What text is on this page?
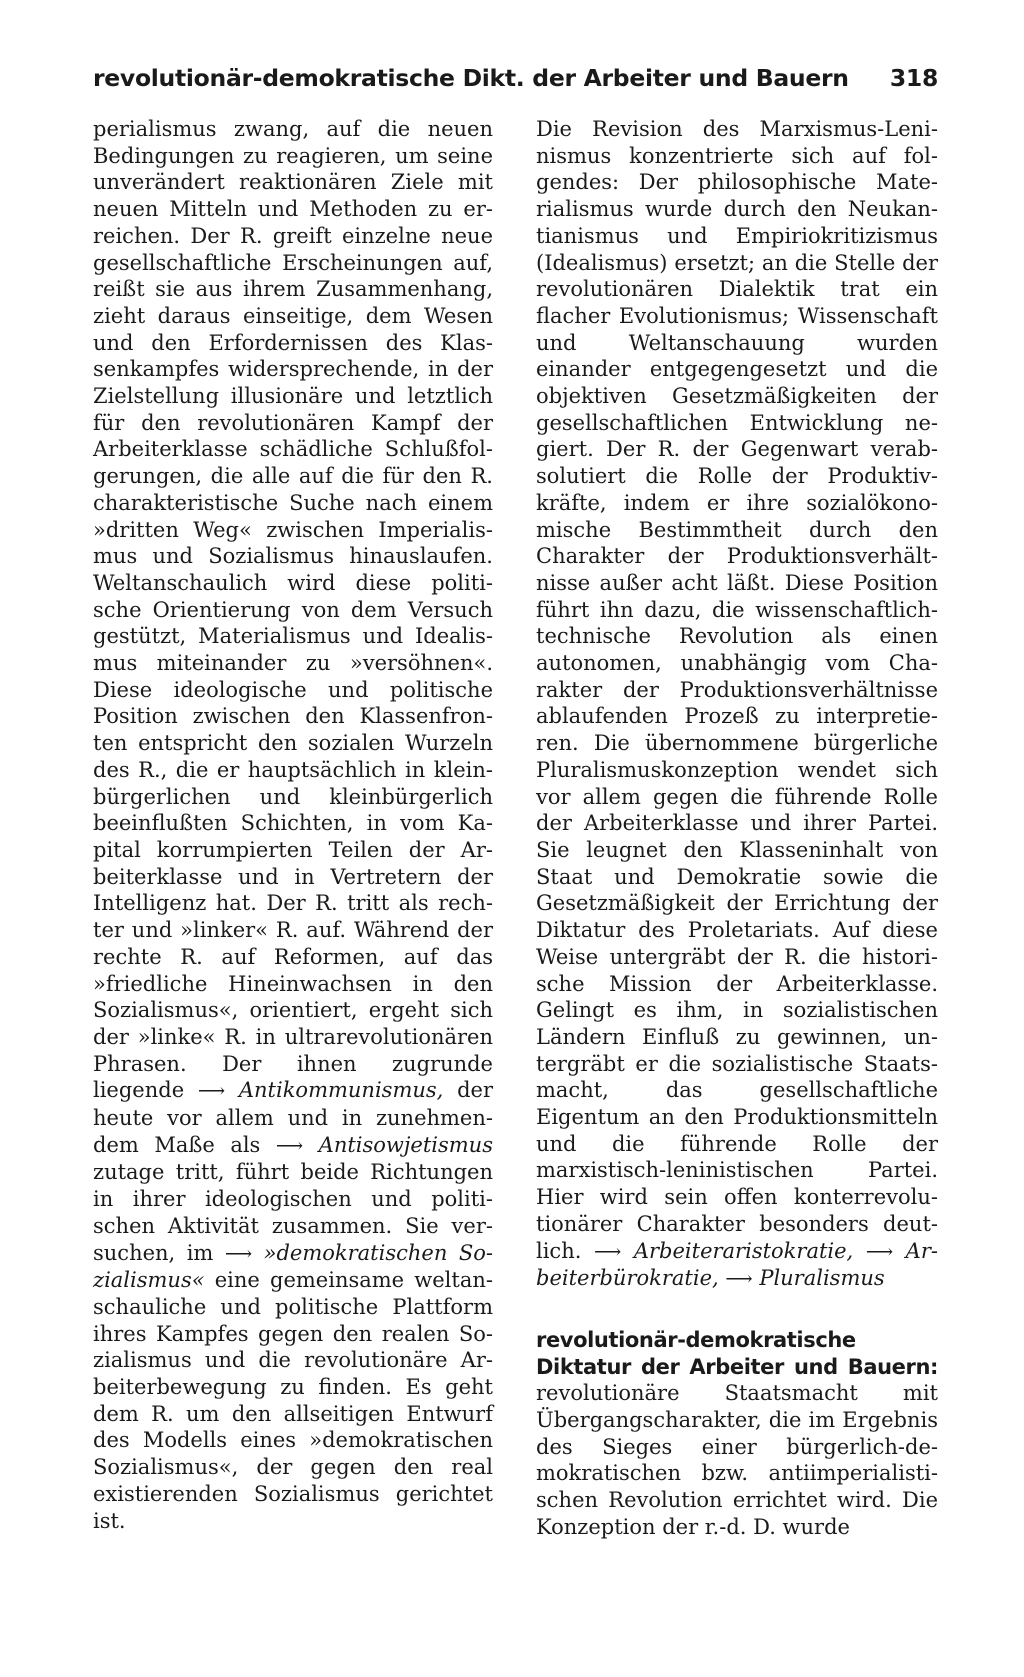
revolutionär-demokratische Dikt. der Arbeiter und Bauern 318

perialismus zwang, auf die neuen Bedingungen zu reagieren, um seine unverändert reaktionären Ziele mit neuen Mitteln und Methoden zu erreichen. Der R. greift einzelne neue gesellschaftliche Erscheinungen auf, reißt sie aus ihrem Zusammenhang, zieht daraus einseitige, dem Wesen und den Erfordernissen des Klassenkampfes widersprechende, in der Zielstellung illusionäre und letztlich für den revolutionären Kampf der Arbeiterklasse schädliche Schlußfolgerungen, die alle auf die für den R. charakteristische Suche nach einem »dritten Weg« zwischen Imperialismus und Sozialismus hinauslaufen. Weltanschaulich wird diese politische Orientierung von dem Versuch gestützt, Materialismus und Idealismus miteinander zu »versöhnen«. Diese ideologische und politische Position zwischen den Klassenfronten entspricht den sozialen Wurzeln des R., die er hauptsächlich in kleinbürgerlichen und kleinbürgerlich beeinflußten Schichten, in vom Kapital korrumpierten Teilen der Arbeiterklasse und in Vertretern der Intelligenz hat. Der R. tritt als rechter und »linker« R. auf. Während der rechte R. auf Reformen, auf das »friedliche Hineinwachsen in den Sozialismus«, orientiert, ergeht sich der »linke« R. in ultrarevolutionären Phrasen. Der ihnen zugrunde liegende ⟶ Antikommunismus, der heute vor allem und in zunehmendem Maße als ⟶ Antisowjetismus zutage tritt, führt beide Richtungen in ihrer ideologischen und politischen Aktivität zusammen. Sie versuchen, im ⟶ »demokratischen Sozialismus« eine gemeinsame weltanschauliche und politische Plattform ihres Kampfes gegen den realen Sozialismus und die revolutionäre Arbeiterbewegung zu finden. Es geht dem R. um den allseitigen Entwurf des Modells eines »demokratischen Sozialismus«, der gegen den real existierenden Sozialismus gerichtet ist.

Die Revision des Marxismus-Leninismus konzentrierte sich auf folgendes: Der philosophische Materialismus wurde durch den Neukantianismus und Empiriokritizismus (Idealismus) ersetzt; an die Stelle der revolutionären Dialektik trat ein flacher Evolutionismus; Wissenschaft und Weltanschauung wurden einander entgegengesetzt und die objektiven Gesetzmäßigkeiten der gesellschaftlichen Entwicklung negiert. Der R. der Gegenwart verabsolutiert die Rolle der Produktivkräfte, indem er ihre sozialökonomische Bestimmtheit durch den Charakter der Produktionsverhältnisse außer acht läßt. Diese Position führt ihn dazu, die wissenschaftlich-technische Revolution als einen autonomen, unabhängig vom Charakter der Produktionsverhältnisse ablaufenden Prozeß zu interpretieren. Die übernommene bürgerliche Pluralismuskonzeption wendet sich vor allem gegen die führende Rolle der Arbeiterklasse und ihrer Partei. Sie leugnet den Klasseninhalt von Staat und Demokratie sowie die Gesetzmäßigkeit der Errichtung der Diktatur des Proletariats. Auf diese Weise untergräbt der R. die historische Mission der Arbeiterklasse. Gelingt es ihm, in sozialistischen Ländern Einfluß zu gewinnen, untergräbt er die sozialistische Staatsmacht, das gesellschaftliche Eigentum an den Produktionsmitteln und die führende Rolle der marxistisch-leninistischen Partei. Hier wird sein offen konterrevolutionärer Charakter besonders deutlich. ⟶ Arbeiteraristokratie, ⟶ Arbeiterbürokratie, ⟶ Pluralismus

revolutionär-demokratische Diktatur der Arbeiter und Bauern: revolutionäre Staatsmacht mit Übergangscharakter, die im Ergebnis des Sieges einer bürgerlich-demokratischen bzw. antiimperialistischen Revolution errichtet wird. Die Konzeption der r.-d. D. wurde
